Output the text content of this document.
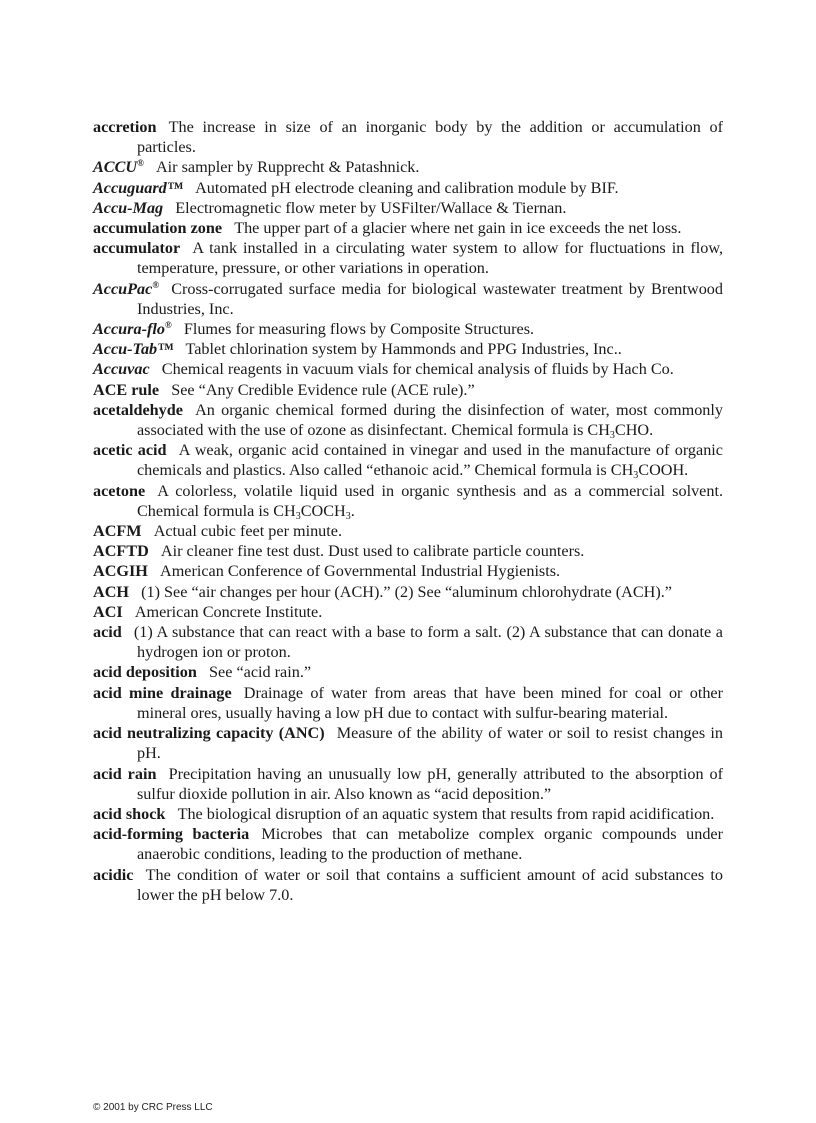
accretion The increase in size of an inorganic body by the addition or accumulation of particles.

ACCU® Air sampler by Rupprecht & Patashnick.

Accuguard™ Automated pH electrode cleaning and calibration module by BIF.

Accu-Mag Electromagnetic flow meter by USFilter/Wallace & Tiernan.

accumulation zone The upper part of a glacier where net gain in ice exceeds the net loss.

accumulator A tank installed in a circulating water system to allow for fluctuations in flow, temperature, pressure, or other variations in operation.

AccuPac® Cross-corrugated surface media for biological wastewater treatment by Brentwood Industries, Inc.

Accura-flo® Flumes for measuring flows by Composite Structures.

Accu-Tab™ Tablet chlorination system by Hammonds and PPG Industries, Inc..

Accuvac Chemical reagents in vacuum vials for chemical analysis of fluids by Hach Co.

ACE rule See “Any Credible Evidence rule (ACE rule).”

acetaldehyde An organic chemical formed during the disinfection of water, most commonly associated with the use of ozone as disinfectant. Chemical formula is $CH_3CHO$.

acetic acid A weak, organic acid contained in vinegar and used in the manufacture of organic chemicals and plastics. Also called “ethanoic acid.” Chemical formula is $CH_3COOH$.

acetone A colorless, volatile liquid used in organic synthesis and as a commercial solvent. Chemical formula is $CH_3COCH_3$.

ACFM Actual cubic feet per minute.

ACFTD Air cleaner fine test dust. Dust used to calibrate particle counters.

ACGIH American Conference of Governmental Industrial Hygienists.

ACH (1) See “air changes per hour (ACH).” (2) See “aluminum chlorohydrate (ACH).”

ACI American Concrete Institute.

acid (1) A substance that can react with a base to form a salt. (2) A substance that can donate a hydrogen ion or proton.

acid deposition See “acid rain.”

acid mine drainage Drainage of water from areas that have been mined for coal or other mineral ores, usually having a low pH due to contact with sulfur-bearing material.

acid neutralizing capacity (ANC) Measure of the ability of water or soil to resist changes in pH.

acid rain Precipitation having an unusually low pH, generally attributed to the absorption of sulfur dioxide pollution in air. Also known as “acid deposition.”

acid shock The biological disruption of an aquatic system that results from rapid acidification.

acid-forming bacteria Microbes that can metabolize complex organic compounds under anaerobic conditions, leading to the production of methane.

acidic The condition of water or soil that contains a sufficient amount of acid substances to lower the pH below 7.0.

© 2001 by CRC Press LLC
